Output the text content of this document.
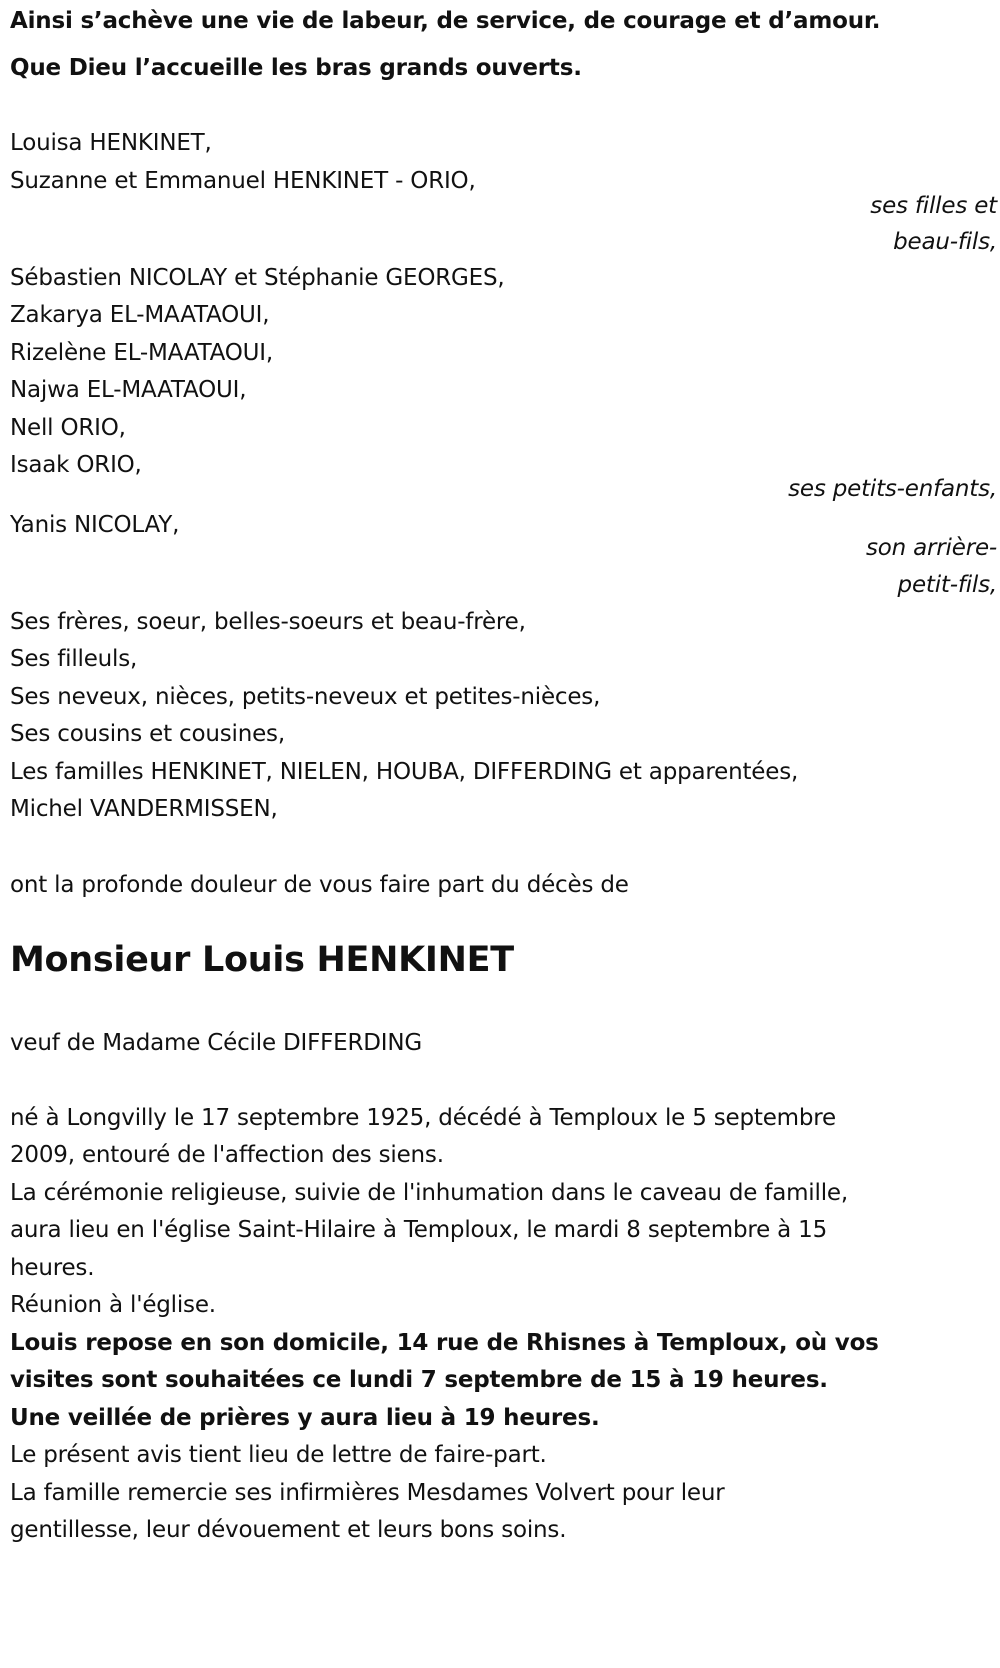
Ainsi s’achève une vie de labeur, de service, de courage et d’amour.
Que Dieu l’accueille les bras grands ouverts.
Louisa HENKINET,
Suzanne et Emmanuel HENKINET - ORIO,
ses filles et
beau-fils,
Sébastien NICOLAY et Stéphanie GEORGES,
Zakarya EL-MAATAOUI,
Rizelène EL-MAATAOUI,
Najwa EL-MAATAOUI,
Nell ORIO,
Isaak ORIO,
ses petits-enfants,
Yanis NICOLAY,
son arrière-
petit-fils,
Ses frères, soeur, belles-soeurs et beau-frère,
Ses filleuls,
Ses neveux, nièces, petits-neveux et petites-nièces,
Ses cousins et cousines,
Les familles HENKINET, NIELEN, HOUBA, DIFFERDING et apparentées,
Michel VANDERMISSEN,
ont la profonde douleur de vous faire part du décès de
Monsieur Louis HENKINET
veuf de Madame Cécile DIFFERDING
né à Longvilly le 17 septembre 1925, décédé à Temploux le 5 septembre
2009, entouré de l'affection des siens.
La cérémonie religieuse, suivie de l'inhumation dans le caveau de famille,
aura lieu en l'église Saint-Hilaire à Temploux, le mardi 8 septembre à 15
heures.
Réunion à l'église.
Louis repose en son domicile, 14 rue de Rhisnes à Temploux, où vos
visites sont souhaitées ce lundi 7 septembre de 15 à 19 heures.
Une veillée de prières y aura lieu à 19 heures.
Le présent avis tient lieu de lettre de faire-part.
La famille remercie ses infirmières Mesdames Volvert pour leur
gentillesse, leur dévouement et leurs bons soins.
